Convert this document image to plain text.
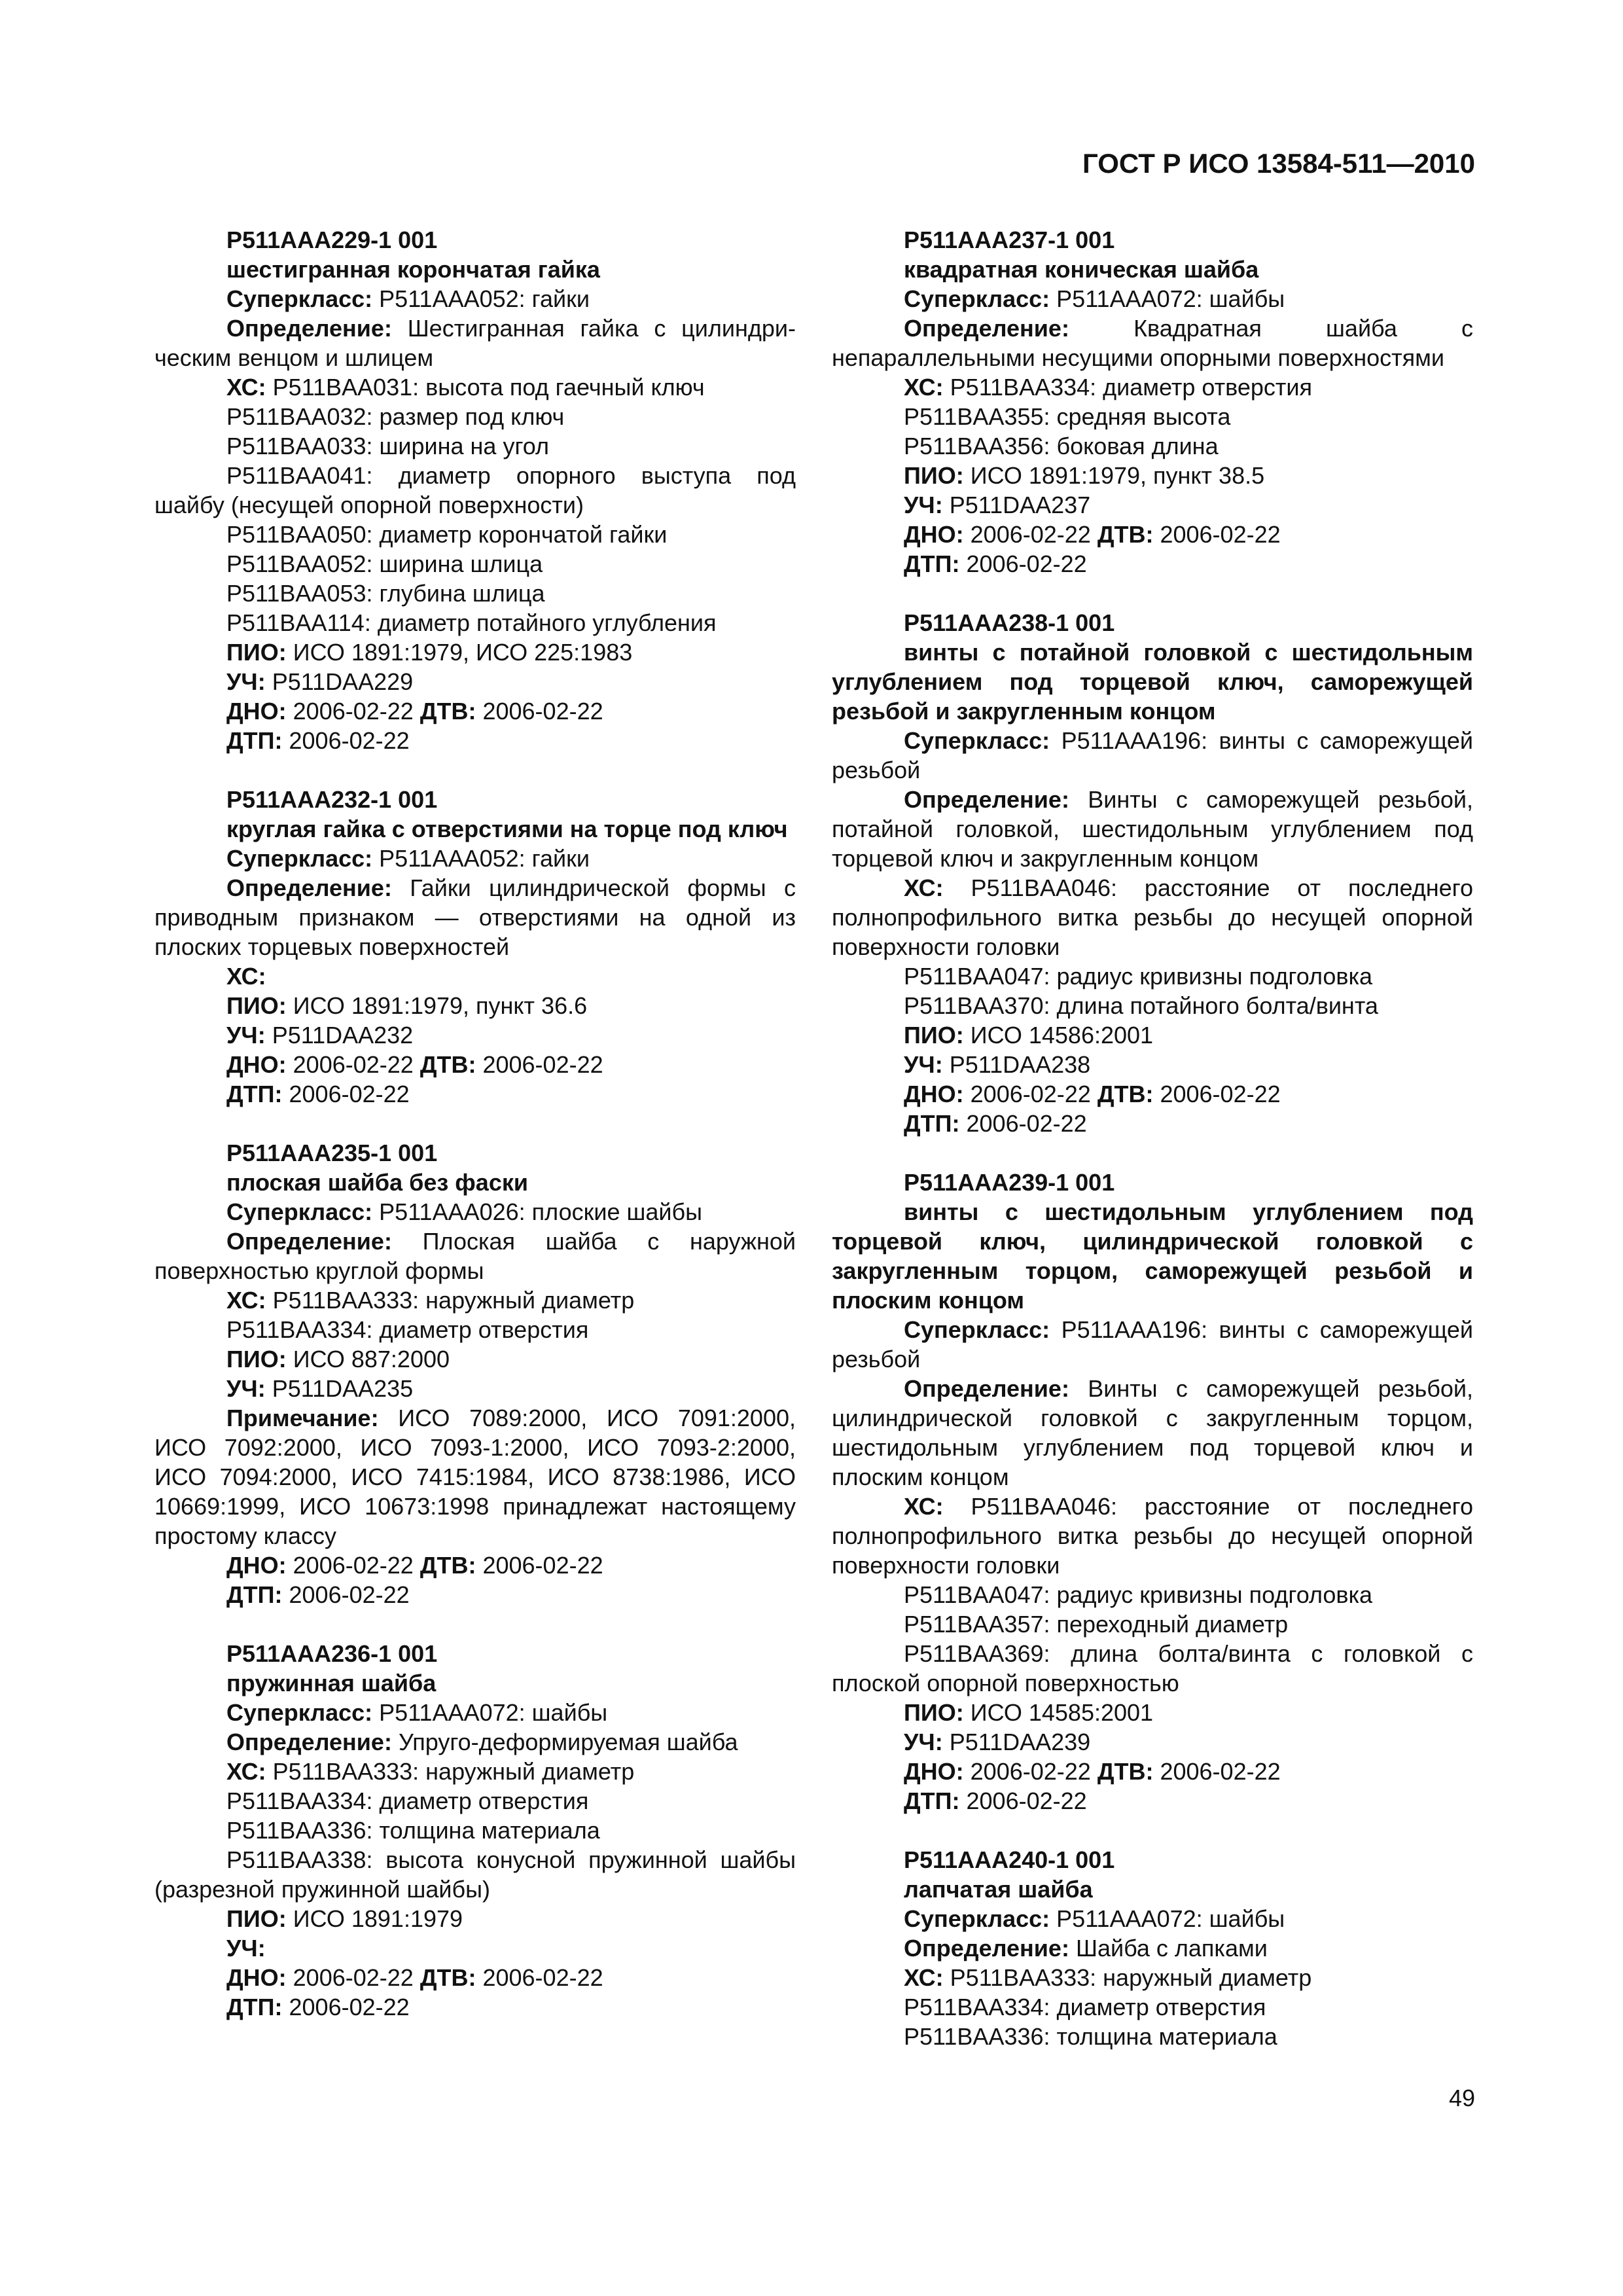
ГОСТ Р ИСО 13584-511—2010

P511AAA229-1 001

шестигранная корончатая гайка

Суперкласс: P511AAA052: гайки

Определение: Шестигранная гайка с цилиндри-ческим венцом и шлицем

ХС: P511BAA031: высота под гаечный ключ

P511BAA032: размер под ключ

P511BAA033: ширина на угол

P511BAA041: диаметр опорного выступа под шайбу (несущей опорной поверхности)

P511BAA050: диаметр корончатой гайки

P511BAA052: ширина шлица

P511BAA053: глубина шлица

P511BAA114: диаметр потайного углубления

ПИО: ИСО 1891:1979, ИСО 225:1983

УЧ: P511DAA229

ДНО: 2006-02-22 ДТВ: 2006-02-22

ДТП: 2006-02-22

P511AAA232-1 001

круглая гайка с отверстиями на торце под ключ

Суперкласс: P511AAA052: гайки

Определение: Гайки цилиндрической формы с приводным признаком — отверстиями на одной из плоских торцевых поверхностей

ХС:

ПИО: ИСО 1891:1979, пункт 36.6

УЧ: P511DAA232

ДНО: 2006-02-22 ДТВ: 2006-02-22

ДТП: 2006-02-22

P511AAA235-1 001

плоская шайба без фаски

Суперкласс: P511AAA026: плоские шайбы

Определение: Плоская шайба с наружной поверхностью круглой формы

ХС: P511BAA333: наружный диаметр

P511BAA334: диаметр отверстия

ПИО: ИСО 887:2000

УЧ: P511DAA235

Примечание: ИСО 7089:2000, ИСО 7091:2000, ИСО 7092:2000, ИСО 7093-1:2000, ИСО 7093-2:2000, ИСО 7094:2000, ИСО 7415:1984, ИСО 8738:1986, ИСО 10669:1999, ИСО 10673:1998 принадлежат настоящему простому классу

ДНО: 2006-02-22 ДТВ: 2006-02-22

ДТП: 2006-02-22

P511AAA236-1 001

пружинная шайба

Суперкласс: P511AAA072: шайбы

Определение: Упруго-деформируемая шайба

ХС: P511BAA333: наружный диаметр

P511BAA334: диаметр отверстия

P511BAA336: толщина материала

P511BAA338: высота конусной пружинной шайбы (разрезной пружинной шайбы)

ПИО: ИСО 1891:1979

УЧ:

ДНО: 2006-02-22 ДТВ: 2006-02-22

ДТП: 2006-02-22

P511AAA237-1 001

квадратная коническая шайба

Суперкласс: P511AAA072: шайбы

Определение:	Квадратная шайба с непараллельными несущими опорными поверхностями

ХС: P511BAA334: диаметр отверстия

P511BAA355: средняя высота

P511BAA356: боковая длина

ПИО: ИСО 1891:1979, пункт 38.5

УЧ: P511DAA237

ДНО: 2006-02-22 ДТВ: 2006-02-22

ДТП: 2006-02-22

P511AAA238-1 001

винты с потайной головкой с шестидольным углублением под торцевой ключ, саморежущей резьбой и закругленным концом

Суперкласс: P511AAA196: винты с саморежущей резьбой

Определение: Винты с саморежущей резьбой, потайной головкой, шестидольным углублением под торцевой ключ и закругленным концом

ХС: P511BAA046: расстояние от последнего полнопрофильного витка резьбы до несущей опорной поверхности головки

P511BAA047: радиус кривизны подголовка

P511BAA370: длина потайного болта/винта

ПИО: ИСО 14586:2001

УЧ: P511DAA238

ДНО: 2006-02-22 ДТВ: 2006-02-22

ДТП: 2006-02-22

P511AAA239-1 001

винты с шестидольным углублением под торцевой ключ, цилиндрической головкой с закругленным торцом, саморежущей резьбой и плоским концом

Суперкласс: P511AAA196: винты с саморежущей резьбой

Определение: Винты с саморежущей резьбой, цилиндрической головкой с закругленным торцом, шестидольным углублением под торцевой ключ и плоским концом

ХС: P511BAA046: расстояние от последнего полнопрофильного витка резьбы до несущей опорной поверхности головки

P511BAA047: радиус кривизны подголовка

P511BAA357: переходный диаметр

P511BAA369: длина болта/винта с головкой с плоской опорной поверхностью

ПИО: ИСО 14585:2001

УЧ: P511DAA239

ДНО: 2006-02-22 ДТВ: 2006-02-22

ДТП: 2006-02-22

P511AAA240-1 001

лапчатая шайба

Суперкласс: P511AAA072: шайбы

Определение: Шайба с лапками

ХС: P511BAA333: наружный диаметр

P511BAA334: диаметр отверстия

P511BAA336: толщина материала

49
